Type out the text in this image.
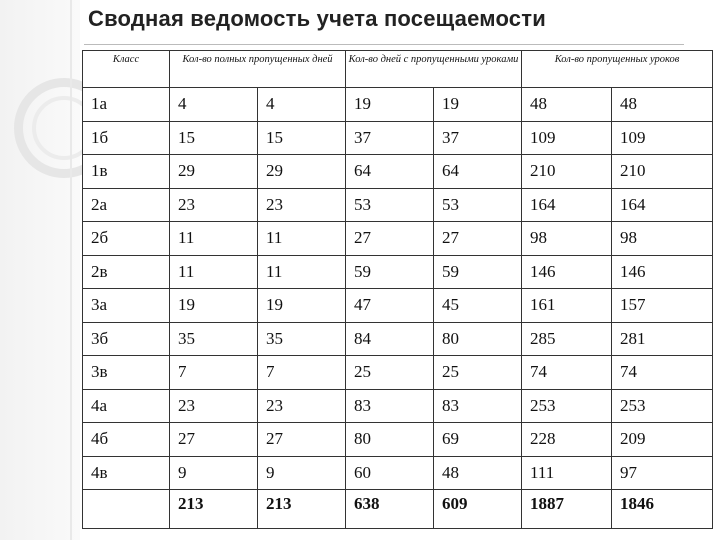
Сводная ведомость учета посещаемости
Класс	Кол-во полных пропущенных дней		Кол-во дней с пропущенными уроками		Кол-во пропущенных уроков	
1а	4	4	19	19	48	48
1б	15	15	37	37	109	109
1в	29	29	64	64	210	210
2а	23	23	53	53	164	164
2б	11	11	27	27	98	98
2в	11	11	59	59	146	146
3а	19	19	47	45	161	157
3б	35	35	84	80	285	281
3в	7	7	25	25	74	74
4а	23	23	83	83	253	253
4б	27	27	80	69	228	209
4в	9	9	60	48	111	97
	213	213	638	609	1887	1846
